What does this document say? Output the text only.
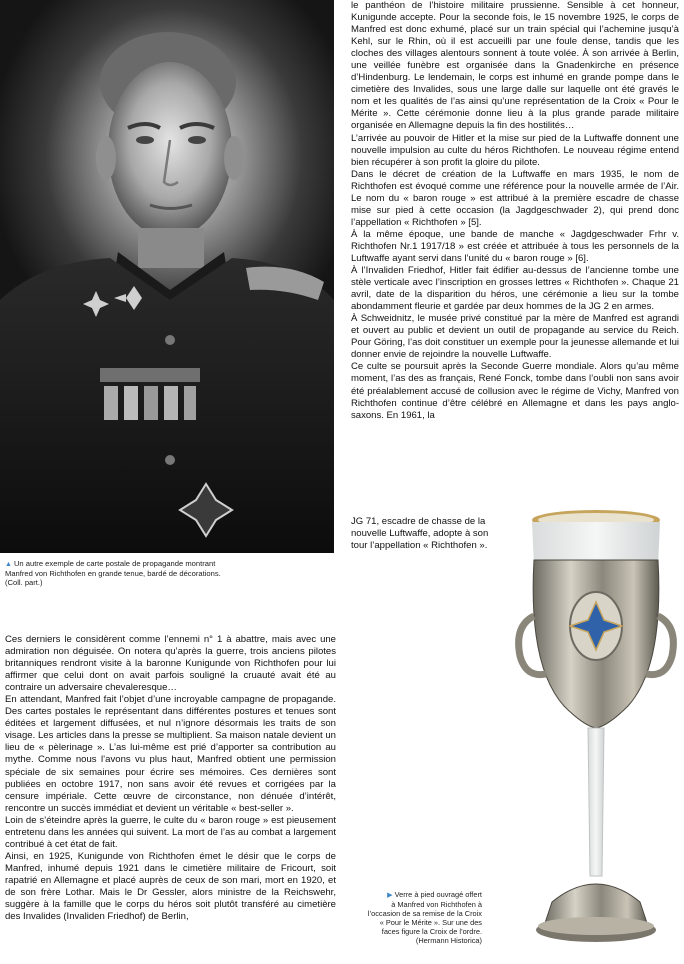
▲ Un autre exemple de carte postale de propagande montrant
Manfred von Richthofen en grande tenue, bardé de décorations.
(Coll. part.)

le panthéon de l’histoire militaire prussienne. Sensible à cet honneur, Kunigunde accepte. Pour la seconde fois, le 15 novembre 1925, le corps de Manfred est donc exhumé, placé sur un train spécial qui l’achemine jusqu’à Kehl, sur le Rhin, où il est accueilli par une foule dense, tandis que les cloches des villages alentours sonnent à toute volée. À son arrivée à Berlin, une veillée funèbre est organisée dans la Gnadenkirche en présence d’Hindenburg. Le lendemain, le corps est inhumé en grande pompe dans le cimetière des Invalides, sous une large dalle sur laquelle ont été gravés le nom et les qualités de l’as ainsi qu’une représentation de la Croix « Pour le Mérite ». Cette cérémonie donne lieu à la plus grande parade militaire organisée en Allemagne depuis la fin des hostilités…

L’arrivée au pouvoir de Hitler et la mise sur pied de la Luftwaffe donnent une nouvelle impulsion au culte du héros Richthofen. Le nouveau régime entend bien récupérer à son profit la gloire du pilote.

Dans le décret de création de la Luftwaffe en mars 1935, le nom de Richthofen est évoqué comme une référence pour la nouvelle armée de l’Air. Le nom du « baron rouge » est attribué à la première escadre de chasse mise sur pied à cette occasion (la Jagdgeschwader 2), qui prend donc l’appellation « Richthofen » [5].

À la même époque, une bande de manche « Jagdgeschwader Frhr v. Richthofen Nr.1 1917/18 » est créée et attribuée à tous les personnels de la Luftwaffe ayant servi dans l’unité du « baron rouge » [6].

À l’Invaliden Friedhof, Hitler fait édifier au-dessus de l’ancienne tombe une stèle verticale avec l’inscription en grosses lettres « Richthofen ». Chaque 21 avril, date de la disparition du héros, une cérémonie a lieu sur la tombe abondamment fleurie et gardée par deux hommes de la JG 2 en armes.

À Schweidnitz, le musée privé constitué par la mère de Manfred est agrandi et ouvert au public et devient un outil de propagande au service du Reich. Pour Göring, l’as doit constituer un exemple pour la jeunesse allemande et lui donner envie de rejoindre la nouvelle Luftwaffe.

Ce culte se poursuit après la Seconde Guerre mondiale. Alors qu’au même moment, l’as des as français, René Fonck, tombe dans l’oubli non sans avoir été préalablement accusé de collusion avec le régime de Vichy, Manfred von Richthofen continue d’être célébré en Allemagne et dans les pays anglo-saxons. En 1961, la

JG 71, escadre de chasse de la
nouvelle Luftwaffe, adopte à son
tour l’appellation « Richthofen ».

Ces derniers le considèrent comme l’ennemi n° 1 à abattre, mais avec une admiration non déguisée. On notera qu’après la guerre, trois anciens pilotes britanniques rendront visite à la baronne Kunigunde von Richthofen pour lui affirmer que celui dont on avait parfois souligné la cruauté avait été au contraire un adversaire chevaleresque…

En attendant, Manfred fait l’objet d’une incroyable campagne de propagande. Des cartes postales le représentant dans différentes postures et tenues sont éditées et largement diffusées, et nul n’ignore désormais les traits de son visage. Les articles dans la presse se multiplient. Sa maison natale devient un lieu de « pèlerinage ». L’as lui-même est prié d’apporter sa contribution au mythe. Comme nous l’avons vu plus haut, Manfred obtient une permission spéciale de six semaines pour écrire ses mémoires. Ces dernières sont publiées en octobre 1917, non sans avoir été revues et corrigées par la censure impériale. Cette œuvre de circonstance, non dénuée d’intérêt, rencontre un succès immédiat et devient un véritable « best-seller ».

Loin de s’éteindre après la guerre, le culte du « baron rouge » est pieusement entretenu dans les années qui suivent. La mort de l’as au combat a largement contribué à cet état de fait.

Ainsi, en 1925, Kunigunde von Richthofen émet le désir que le corps de Manfred, inhumé depuis 1921 dans le cimetière militaire de Fricourt, soit rapatrié en Allemagne et placé auprès de ceux de son mari, mort en 1920, et de son frère Lothar. Mais le Dr Gessler, alors ministre de la Reichswehr, suggère à la famille que le corps du héros soit plutôt transféré au cimetière des Invalides (Invaliden Friedhof) de Berlin,

▶ Verre à pied ouvragé offert
à Manfred von Richthofen à
l’occasion de sa remise de la Croix
« Pour le Mérite ». Sur une des
faces figure la Croix de l’ordre.
(Hermann Historica)
